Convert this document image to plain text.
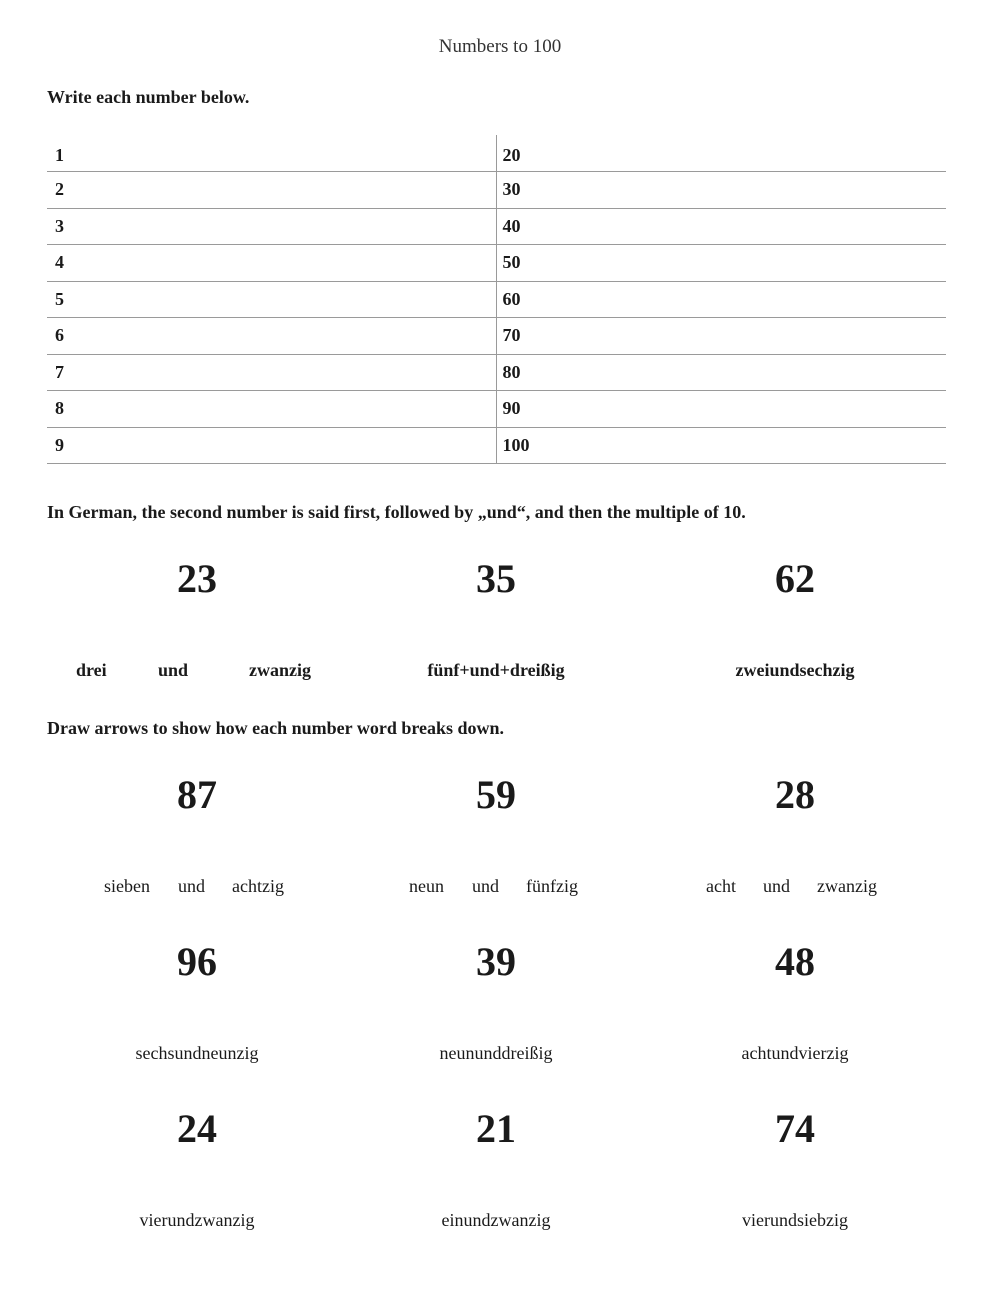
Numbers to 100
Write each number below.
1	20
2	30
3	40
4	50
5	60
6	70
7	80
8	90
9	100
In German, the second number is said first, followed by „und“, and then the multiple of 10.
23
drei	und	zwanzig
35
fünf+und+dreißig
62
zweiundsechzig
Draw arrows to show how each number word breaks down.
87
sieben und achtzig
59
neun und fünfzig
28
acht und zwanzig
96
sechsundneunzig
39
neununddreißig
48
achtundvierzig
24
vierundzwanzig
21
einundzwanzig
74
vierundsiebzig
